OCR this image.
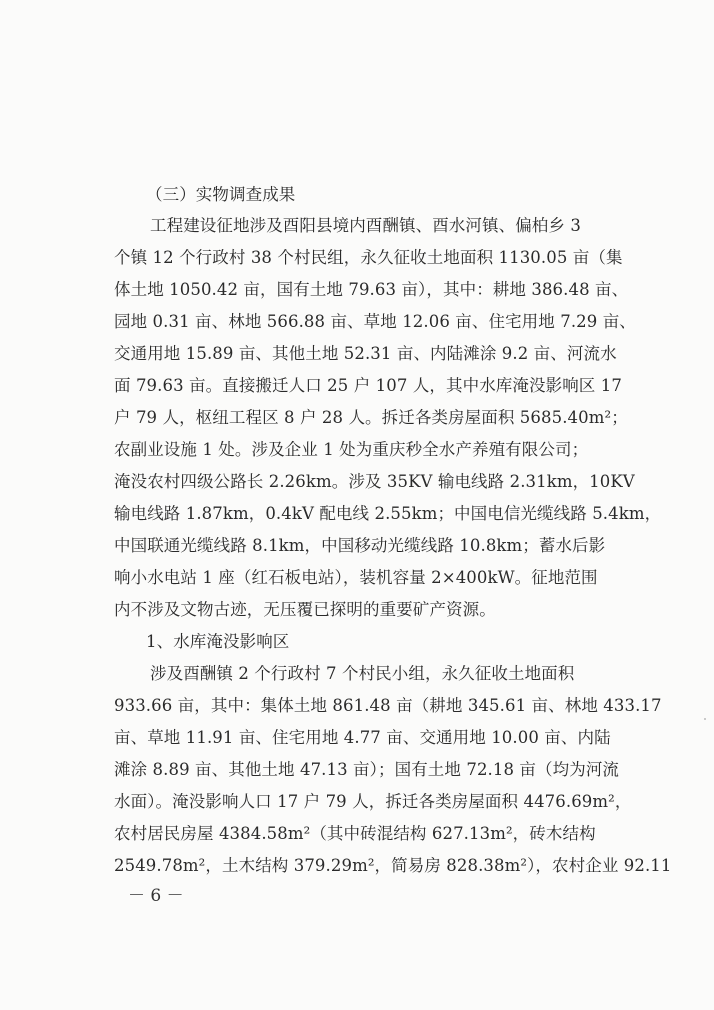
（三）实物调查成果
工程建设征地涉及酉阳县境内酉酬镇、酉水河镇、偏柏乡 3
个镇 12 个行政村 38 个村民组，永久征收土地面积 1130.05 亩（集
体土地 1050.42 亩，国有土地 79.63 亩），其中：耕地 386.48 亩、
园地 0.31 亩、林地 566.88 亩、草地 12.06 亩、住宅用地 7.29 亩、
交通用地 15.89 亩、其他土地 52.31 亩、内陆滩涂 9.2 亩、河流水
面 79.63 亩。直接搬迁人口 25 户 107 人，其中水库淹没影响区 17
户 79 人，枢纽工程区 8 户 28 人。拆迁各类房屋面积 5685.40m²；
农副业设施 1 处。涉及企业 1 处为重庆秒全水产养殖有限公司；
淹没农村四级公路长 2.26km。涉及 35KV 输电线路 2.31km，10KV
输电线路 1.87km，0.4kV 配电线 2.55km；中国电信光缆线路 5.4km，
中国联通光缆线路 8.1km，中国移动光缆线路 10.8km；蓄水后影
响小水电站 1 座（红石板电站），装机容量 2×400kW。征地范围
内不涉及文物古迹，无压覆已探明的重要矿产资源。
1、水库淹没影响区
涉及酉酬镇 2 个行政村 7 个村民小组，永久征收土地面积
933.66 亩，其中：集体土地 861.48 亩（耕地 345.61 亩、林地 433.17
亩、草地 11.91 亩、住宅用地 4.77 亩、交通用地 10.00 亩、内陆
滩涂 8.89 亩、其他土地 47.13 亩）；国有土地 72.18 亩（均为河流
水面）。淹没影响人口 17 户 79 人，拆迁各类房屋面积 4476.69m²，
农村居民房屋 4384.58m²（其中砖混结构 627.13m²，砖木结构
2549.78m²，土木结构 379.29m²，简易房 828.38m²），农村企业 92.11
－ 6 －
